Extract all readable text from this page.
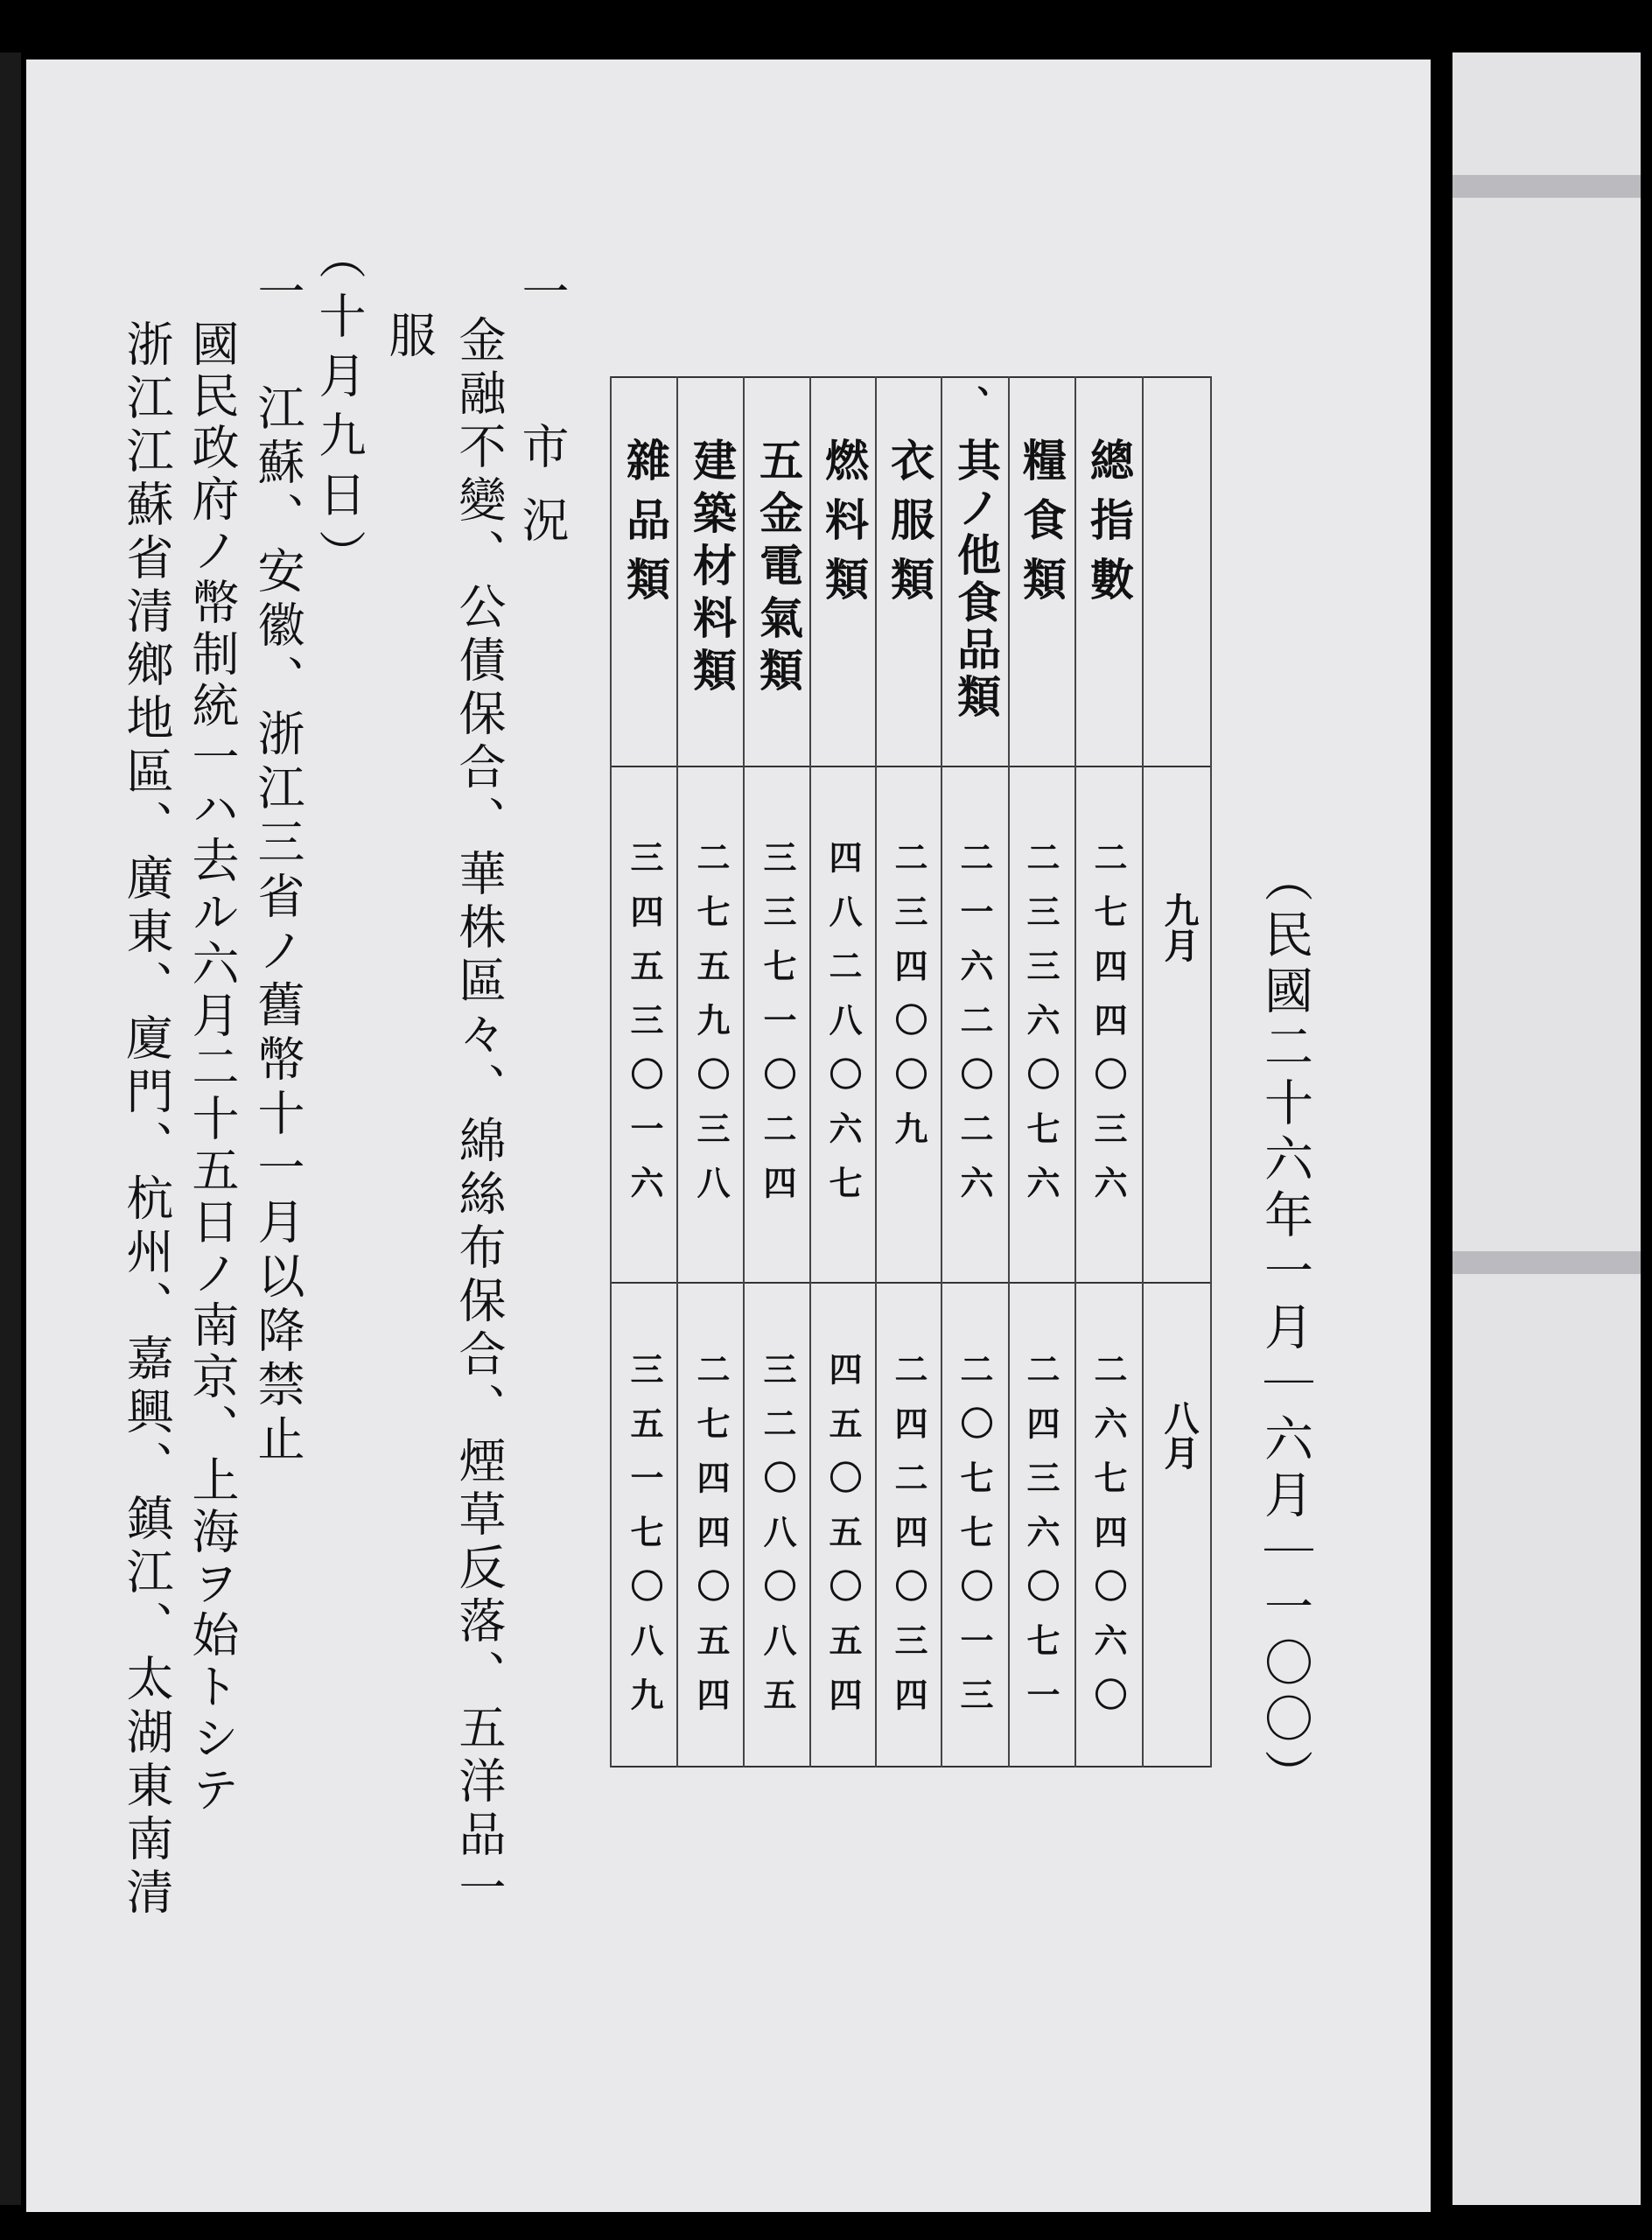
（民國二十六年一月｜六月｜一〇〇）
九月
八月
總指數
二七四四〇三六
二六七四〇六〇
糧食類
二三三六〇七六
二四三六〇七一
、
其ノ他食品類
二一六二〇二六
二〇七七〇一三
衣服類
二三四〇〇九
二四二四〇三四
燃料類
四八二八〇六七
四五〇五〇五四
五金電氣類
三三七一〇二四
三二〇八〇八五
建築材料類
二七五九〇三八
二七四四〇五四
雜品類
三四五三〇一六
三五一七〇八九
一 市況
金融不變、公債保合、華株區々、綿絲布保合、煙草反落、五洋品一
服
（十月九日）
一 江蘇、安徽、浙江三省ノ舊幣十一月以降禁止
國民政府ノ幣制統一ハ去ル六月二十五日ノ南京、上海ヲ始トシテ
浙江江蘇省清鄉地區、廣東、廈門、杭州、嘉興、鎮江、太湖東南清
